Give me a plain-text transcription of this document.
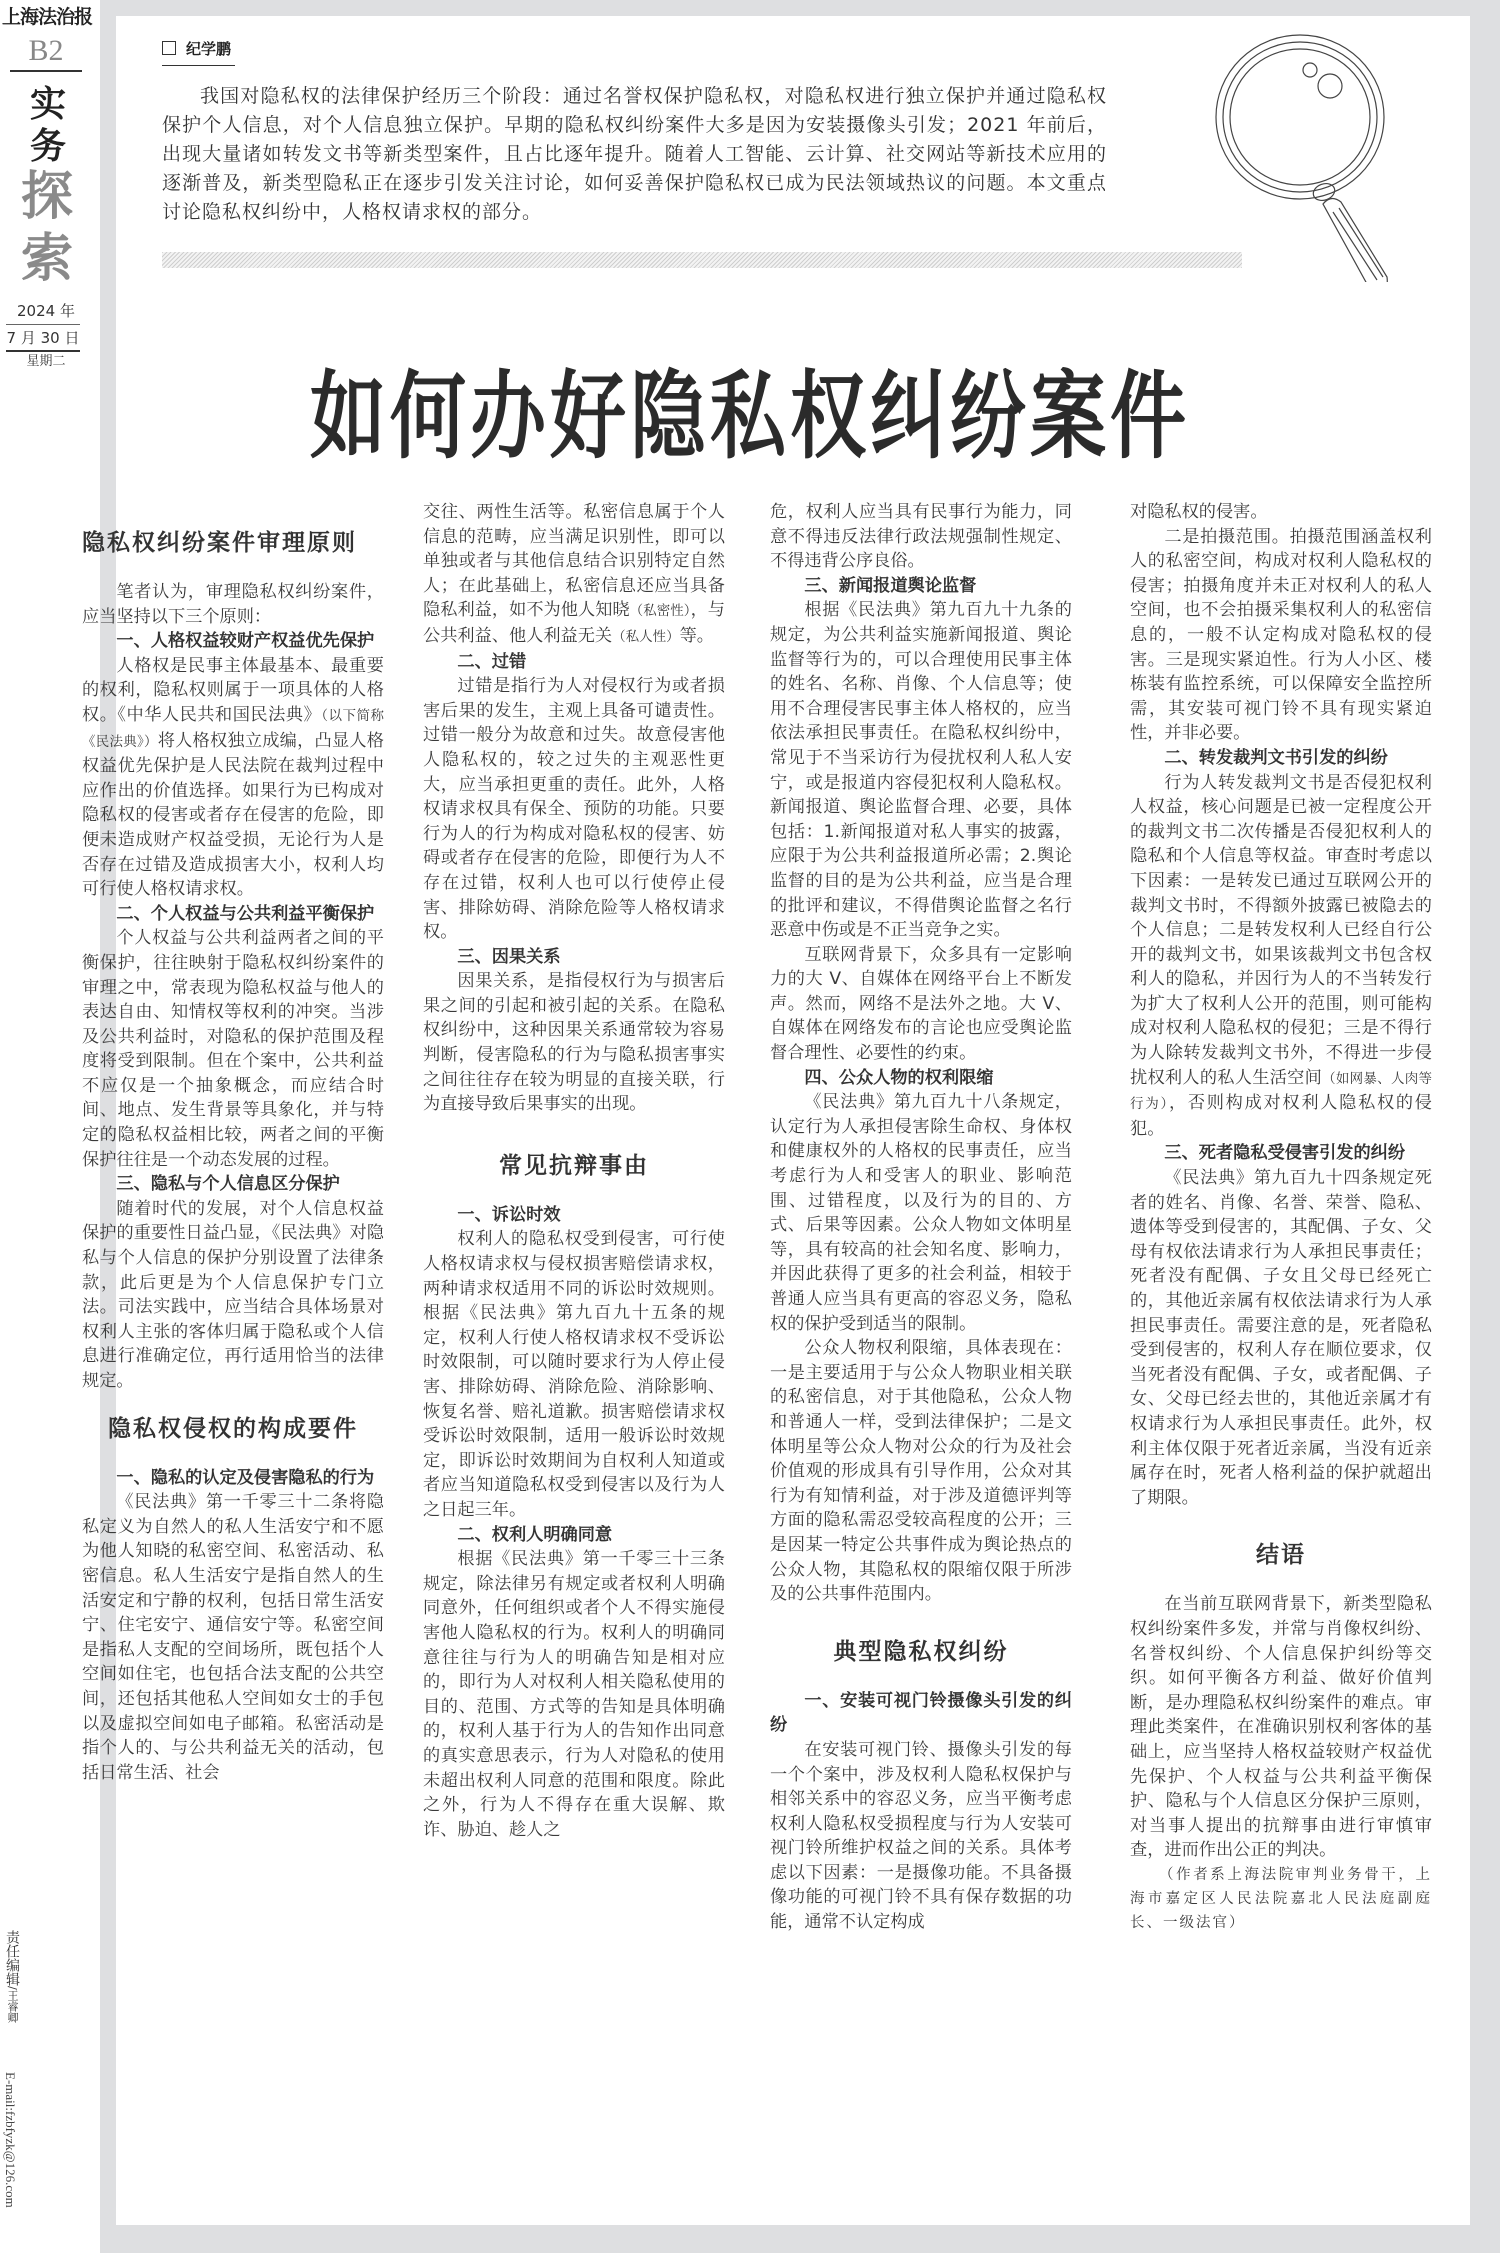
上海法治报
B2
实务
探索
2024 年
7 月 30 日
星期二
责任编辑/王睿卿
E-mail:fzbfyzk@126.com
纪学鹏
我国对隐私权的法律保护经历三个阶段：通过名誉权保护隐私权，对隐私权进行独立保护并通过隐私权保护个人信息，对个人信息独立保护。早期的隐私权纠纷案件大多是因为安装摄像头引发；2021 年前后，出现大量诸如转发文书等新类型案件，且占比逐年提升。随着人工智能、云计算、社交网站等新技术应用的逐渐普及，新类型隐私正在逐步引发关注讨论，如何妥善保护隐私权已成为民法领域热议的问题。本文重点讨论隐私权纠纷中，人格权请求权的部分。
如何办好隐私权纠纷案件
隐私权纠纷案件审理原则

笔者认为，审理隐私权纠纷案件，应当坚持以下三个原则：

一、人格权益较财产权益优先保护

人格权是民事主体最基本、最重要的权利，隐私权则属于一项具体的人格权。《中华人民共和国民法典》（以下简称《民法典》）将人格权独立成编，凸显人格权益优先保护是人民法院在裁判过程中应作出的价值选择。如果行为已构成对隐私权的侵害或者存在侵害的危险，即便未造成财产权益受损，无论行为人是否存在过错及造成损害大小，权利人均可行使人格权请求权。

二、个人权益与公共利益平衡保护

个人权益与公共利益两者之间的平衡保护，往往映射于隐私权纠纷案件的审理之中，常表现为隐私权益与他人的表达自由、知情权等权利的冲突。当涉及公共利益时，对隐私的保护范围及程度将受到限制。但在个案中，公共利益不应仅是一个抽象概念，而应结合时间、地点、发生背景等具象化，并与特定的隐私权益相比较，两者之间的平衡保护往往是一个动态发展的过程。

三、隐私与个人信息区分保护

随着时代的发展，对个人信息权益保护的重要性日益凸显，《民法典》对隐私与个人信息的保护分别设置了法律条款，此后更是为个人信息保护专门立法。司法实践中，应当结合具体场景对权利人主张的客体归属于隐私或个人信息进行准确定位，再行适用恰当的法律规定。

隐私权侵权的构成要件
一、隐私的认定及侵害隐私的行为

《民法典》第一千零三十二条将隐私定义为自然人的私人生活安宁和不愿为他人知晓的私密空间、私密活动、私密信息。私人生活安宁是指自然人的生活安定和宁静的权利，包括日常生活安宁、住宅安宁、通信安宁等。私密空间是指私人支配的空间场所，既包括个人空间如住宅，也包括合法支配的公共空间，还包括其他私人空间如女士的手包以及虚拟空间如电子邮箱。私密活动是指个人的、与公共利益无关的活动，包括日常生活、社会

交往、两性生活等。私密信息属于个人信息的范畴，应当满足识别性，即可以单独或者与其他信息结合识别特定自然人；在此基础上，私密信息还应当具备隐私利益，如不为他人知晓（私密性），与公共利益、他人利益无关（私人性）等。

二、过错

过错是指行为人对侵权行为或者损害后果的发生，主观上具备可谴责性。过错一般分为故意和过失。故意侵害他人隐私权的，较之过失的主观恶性更大，应当承担更重的责任。此外，人格权请求权具有保全、预防的功能。只要行为人的行为构成对隐私权的侵害、妨碍或者存在侵害的危险，即便行为人不存在过错，权利人也可以行使停止侵害、排除妨碍、消除危险等人格权请求权。

三、因果关系

因果关系，是指侵权行为与损害后果之间的引起和被引起的关系。在隐私权纠纷中，这种因果关系通常较为容易判断，侵害隐私的行为与隐私损害事实之间往往存在较为明显的直接关联，行为直接导致后果事实的出现。

常见抗辩事由
一、诉讼时效

权利人的隐私权受到侵害，可行使人格权请求权与侵权损害赔偿请求权，两种请求权适用不同的诉讼时效规则。根据《民法典》第九百九十五条的规定，权利人行使人格权请求权不受诉讼时效限制，可以随时要求行为人停止侵害、排除妨碍、消除危险、消除影响、恢复名誉、赔礼道歉。损害赔偿请求权受诉讼时效限制，适用一般诉讼时效规定，即诉讼时效期间为自权利人知道或者应当知道隐私权受到侵害以及行为人之日起三年。

二、权利人明确同意

根据《民法典》第一千零三十三条规定，除法律另有规定或者权利人明确同意外，任何组织或者个人不得实施侵害他人隐私权的行为。权利人的明确同意往往与行为人的明确告知是相对应的，即行为人对权利人相关隐私使用的目的、范围、方式等的告知是具体明确的，权利人基于行为人的告知作出同意的真实意思表示，行为人对隐私的使用未超出权利人同意的范围和限度。除此之外，行为人不得存在重大误解、欺诈、胁迫、趁人之

危，权利人应当具有民事行为能力，同意不得违反法律行政法规强制性规定、不得违背公序良俗。

三、新闻报道舆论监督

根据《民法典》第九百九十九条的规定，为公共利益实施新闻报道、舆论监督等行为的，可以合理使用民事主体的姓名、名称、肖像、个人信息等；使用不合理侵害民事主体人格权的，应当依法承担民事责任。在隐私权纠纷中，常见于不当采访行为侵扰权利人私人安宁，或是报道内容侵犯权利人隐私权。新闻报道、舆论监督合理、必要，具体包括：1.新闻报道对私人事实的披露，应限于为公共利益报道所必需；2.舆论监督的目的是为公共利益，应当是合理的批评和建议，不得借舆论监督之名行恶意中伤或是不正当竞争之实。

互联网背景下，众多具有一定影响力的大 V、自媒体在网络平台上不断发声。然而，网络不是法外之地。大 V、自媒体在网络发布的言论也应受舆论监督合理性、必要性的约束。

四、公众人物的权利限缩

《民法典》第九百九十八条规定，认定行为人承担侵害除生命权、身体权和健康权外的人格权的民事责任，应当考虑行为人和受害人的职业、影响范围、过错程度，以及行为的目的、方式、后果等因素。公众人物如文体明星等，具有较高的社会知名度、影响力，并因此获得了更多的社会利益，相较于普通人应当具有更高的容忍义务，隐私权的保护受到适当的限制。

公众人物权利限缩，具体表现在：一是主要适用于与公众人物职业相关联的私密信息，对于其他隐私，公众人物和普通人一样，受到法律保护；二是文体明星等公众人物对公众的行为及社会价值观的形成具有引导作用，公众对其行为有知情利益，对于涉及道德评判等方面的隐私需忍受较高程度的公开；三是因某一特定公共事件成为舆论热点的公众人物，其隐私权的限缩仅限于所涉及的公共事件范围内。

典型隐私权纠纷
一、安装可视门铃摄像头引发的纠纷

在安装可视门铃、摄像头引发的每一个个案中，涉及权利人隐私权保护与相邻关系中的容忍义务，应当平衡考虑权利人隐私权受损程度与行为人安装可视门铃所维护权益之间的关系。具体考虑以下因素：一是摄像功能。不具备摄像功能的可视门铃不具有保存数据的功能，通常不认定构成

对隐私权的侵害。

二是拍摄范围。拍摄范围涵盖权利人的私密空间，构成对权利人隐私权的侵害；拍摄角度并未正对权利人的私人空间，也不会拍摄采集权利人的私密信息的，一般不认定构成对隐私权的侵害。三是现实紧迫性。行为人小区、楼栋装有监控系统，可以保障安全监控所需，其安装可视门铃不具有现实紧迫性，并非必要。

二、转发裁判文书引发的纠纷

行为人转发裁判文书是否侵犯权利人权益，核心问题是已被一定程度公开的裁判文书二次传播是否侵犯权利人的隐私和个人信息等权益。审查时考虑以下因素：一是转发已通过互联网公开的裁判文书时，不得额外披露已被隐去的个人信息；二是转发权利人已经自行公开的裁判文书，如果该裁判文书包含权利人的隐私，并因行为人的不当转发行为扩大了权利人公开的范围，则可能构成对权利人隐私权的侵犯；三是不得行为人除转发裁判文书外，不得进一步侵扰权利人的私人生活空间（如网暴、人肉等行为），否则构成对权利人隐私权的侵犯。

三、死者隐私受侵害引发的纠纷

《民法典》第九百九十四条规定死者的姓名、肖像、名誉、荣誉、隐私、遗体等受到侵害的，其配偶、子女、父母有权依法请求行为人承担民事责任；死者没有配偶、子女且父母已经死亡的，其他近亲属有权依法请求行为人承担民事责任。需要注意的是，死者隐私受到侵害的，权利人存在顺位要求，仅当死者没有配偶、子女，或者配偶、子女、父母已经去世的，其他近亲属才有权请求行为人承担民事责任。此外，权利主体仅限于死者近亲属，当没有近亲属存在时，死者人格利益的保护就超出了期限。

结语

在当前互联网背景下，新类型隐私权纠纷案件多发，并常与肖像权纠纷、名誉权纠纷、个人信息保护纠纷等交织。如何平衡各方利益、做好价值判断，是办理隐私权纠纷案件的难点。审理此类案件，在准确识别权利客体的基础上，应当坚持人格权益较财产权益优先保护、个人权益与公共利益平衡保护、隐私与个人信息区分保护三原则，对当事人提出的抗辩事由进行审慎审查，进而作出公正的判决。

（作者系上海法院审判业务骨干，上海市嘉定区人民法院嘉北人民法庭副庭长、一级法官）
